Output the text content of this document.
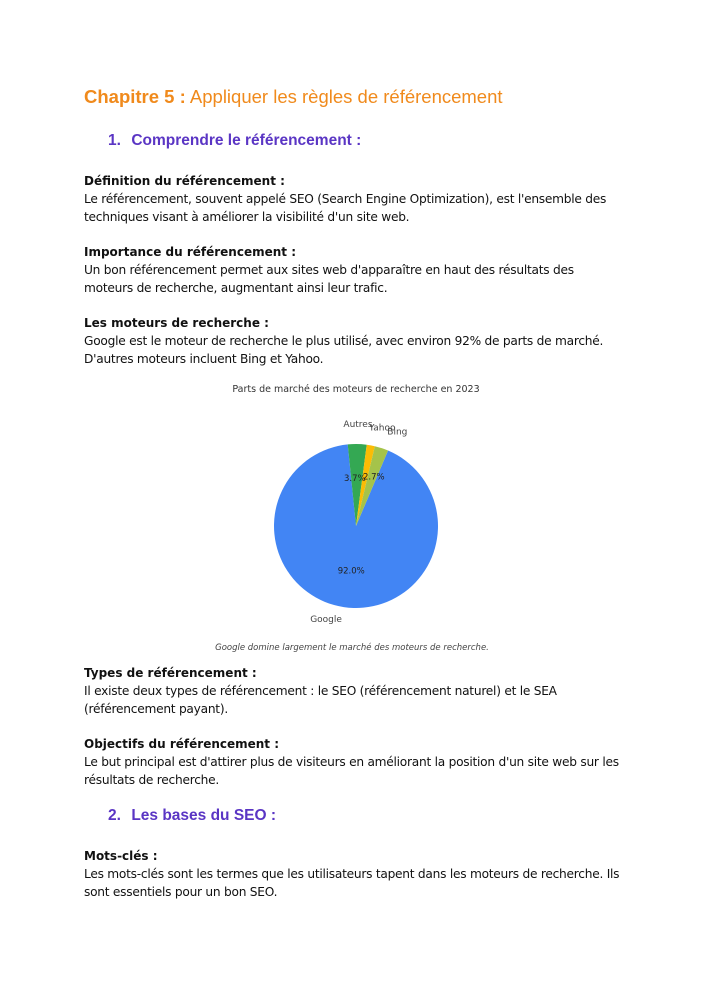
Chapitre 5 : Appliquer les règles de référencement
1. Comprendre le référencement :
Définition du référencement :
Le référencement, souvent appelé SEO (Search Engine Optimization), est l'ensemble des
techniques visant à améliorer la visibilité d'un site web.
Importance du référencement :
Un bon référencement permet aux sites web d'apparaître en haut des résultats des
moteurs de recherche, augmentant ainsi leur trafic.
Les moteurs de recherche :
Google est le moteur de recherche le plus utilisé, avec environ 92% de parts de marché.
D'autres moteurs incluent Bing et Yahoo.
Parts de marché des moteurs de recherche en 2023
Google
92.0%
Autres
3.7%
Yahoo
Bing
2.7%
Google domine largement le marché des moteurs de recherche.
Types de référencement :
Il existe deux types de référencement : le SEO (référencement naturel) et le SEA
(référencement payant).
Objectifs du référencement :
Le but principal est d'attirer plus de visiteurs en améliorant la position d'un site web sur les
résultats de recherche.
2. Les bases du SEO :
Mots-clés :
Les mots-clés sont les termes que les utilisateurs tapent dans les moteurs de recherche. Ils
sont essentiels pour un bon SEO.
